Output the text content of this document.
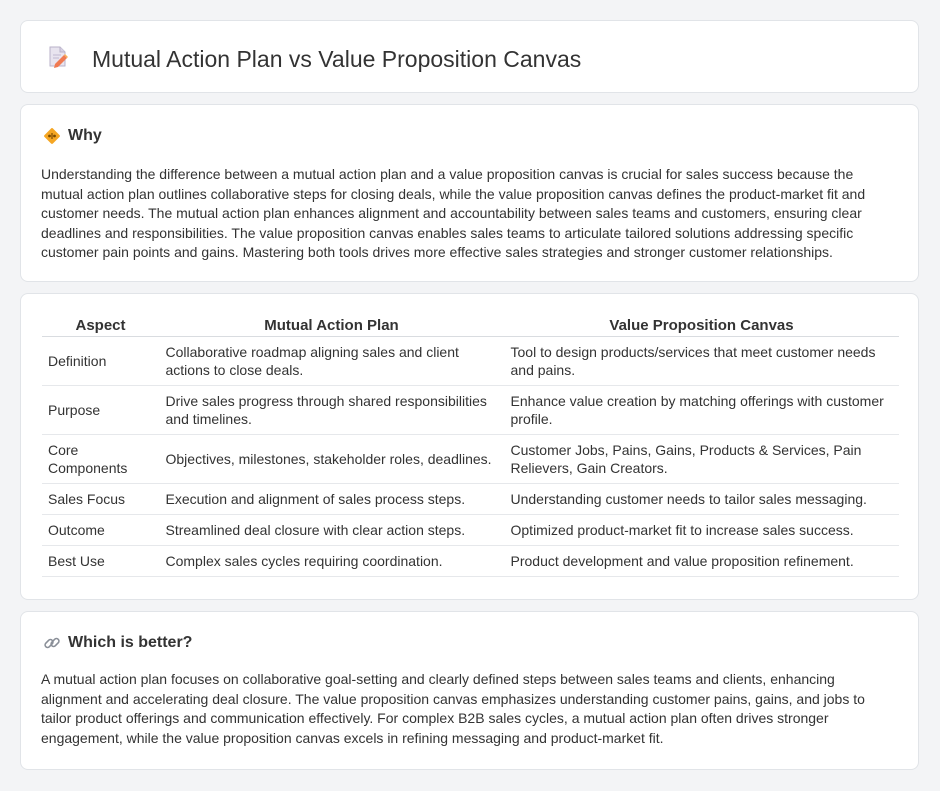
Mutual Action Plan vs Value Proposition Canvas
Why

Understanding the difference between a mutual action plan and a value proposition canvas is crucial for sales success because the mutual action plan outlines collaborative steps for closing deals, while the value proposition canvas defines the product-market fit and customer needs. The mutual action plan enhances alignment and accountability between sales teams and customers, ensuring clear deadlines and responsibilities. The value proposition canvas enables sales teams to articulate tailored solutions addressing specific customer pain points and gains. Mastering both tools drives more effective sales strategies and stronger customer relationships.

Aspect	Mutual Action Plan	Value Proposition Canvas
Definition	Collaborative roadmap aligning sales and client actions to close deals.	Tool to design products/services that meet customer needs and pains.
Purpose	Drive sales progress through shared responsibilities and timelines.	Enhance value creation by matching offerings with customer profile.
Core Components	Objectives, milestones, stakeholder roles, deadlines.	Customer Jobs, Pains, Gains, Products & Services, Pain Relievers, Gain Creators.
Sales Focus	Execution and alignment of sales process steps.	Understanding customer needs to tailor sales messaging.
Outcome	Streamlined deal closure with clear action steps.	Optimized product-market fit to increase sales success.
Best Use	Complex sales cycles requiring coordination.	Product development and value proposition refinement.
Which is better?

A mutual action plan focuses on collaborative goal-setting and clearly defined steps between sales teams and clients, enhancing alignment and accelerating deal closure. The value proposition canvas emphasizes understanding customer pains, gains, and jobs to tailor product offerings and communication effectively. For complex B2B sales cycles, a mutual action plan often drives stronger engagement, while the value proposition canvas excels in refining messaging and product-market fit.
